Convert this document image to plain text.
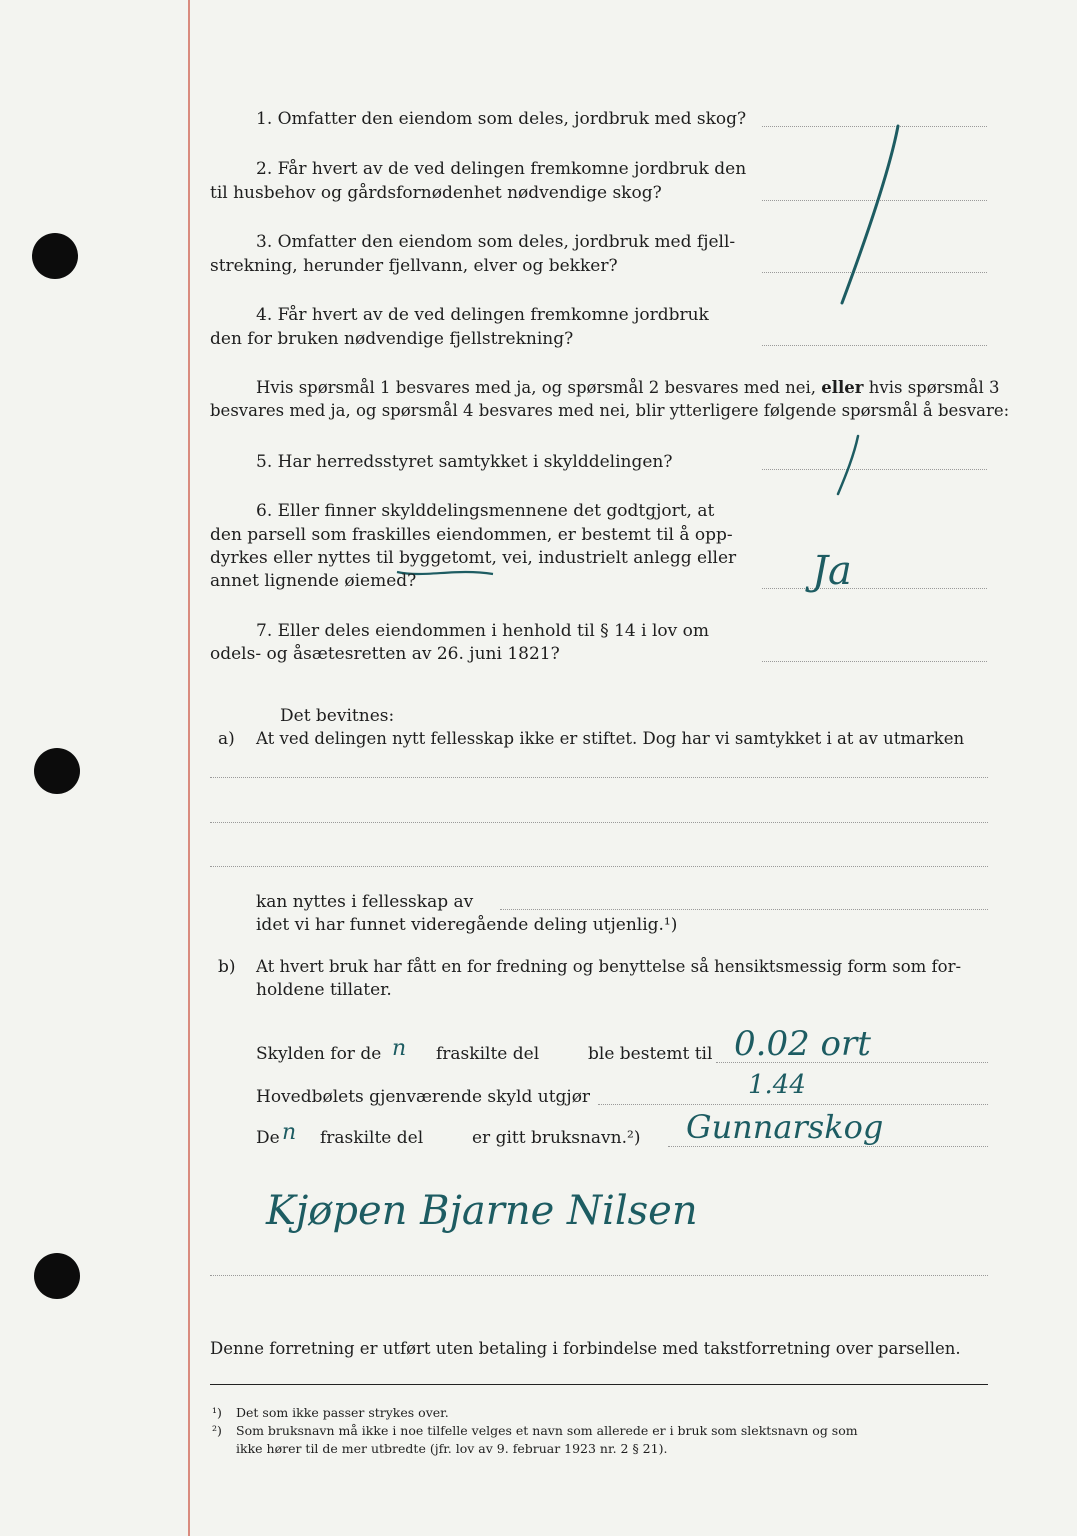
1. Omfatter den eiendom som deles, jordbruk med skog?
2. Får hvert av de ved delingen fremkomne jordbruk den
til husbehov og gårdsfornødenhet nødvendige skog?
3. Omfatter den eiendom som deles, jordbruk med fjell-
strekning, herunder fjellvann, elver og bekker?
4. Får hvert av de ved delingen fremkomne jordbruk
den for bruken nødvendige fjellstrekning?
Hvis spørsmål 1 besvares med ja, og spørsmål 2 besvares med nei, eller hvis spørsmål 3
besvares med ja, og spørsmål 4 besvares med nei, blir ytterligere følgende spørsmål å besvare:
5. Har herredsstyret samtykket i skylddelingen?
6. Eller finner skylddelingsmennene det godtgjort, at
den parsell som fraskilles eiendommen, er bestemt til å opp-
dyrkes eller nyttes til byggetomt, vei, industrielt anlegg eller
annet lignende øiemed?	Ja
7. Eller deles eiendommen i henhold til § 14 i lov om
odels- og åsætesretten av 26. juni 1821?
Det bevitnes:
a) At ved delingen nytt fellesskap ikke er stiftet. Dog har vi samtykket i at av utmarken
kan nyttes i fellesskap av
idet vi har funnet videregående deling utjenlig.¹)
b) At hvert bruk har fått en for fredning og benyttelse så hensiktsmessig form som for-
holdene tillater.
Skylden for de n fraskilte del	ble bestemt til 0.02 ort
Hovedbølets gjenværende skyld utgjør	1.44
De n fraskilte del	er gitt bruksnavn.²) Gunnarskog
Kjøpen Bjarne Nilsen
Denne forretning er utført uten betaling i forbindelse med takstforretning over parsellen.
¹) Det som ikke passer strykes over.
²) Som bruksnavn må ikke i noe tilfelle velges et navn som allerede er i bruk som slektsnavn og som
ikke hører til de mer utbredte (jfr. lov av 9. februar 1923 nr. 2 § 21).
